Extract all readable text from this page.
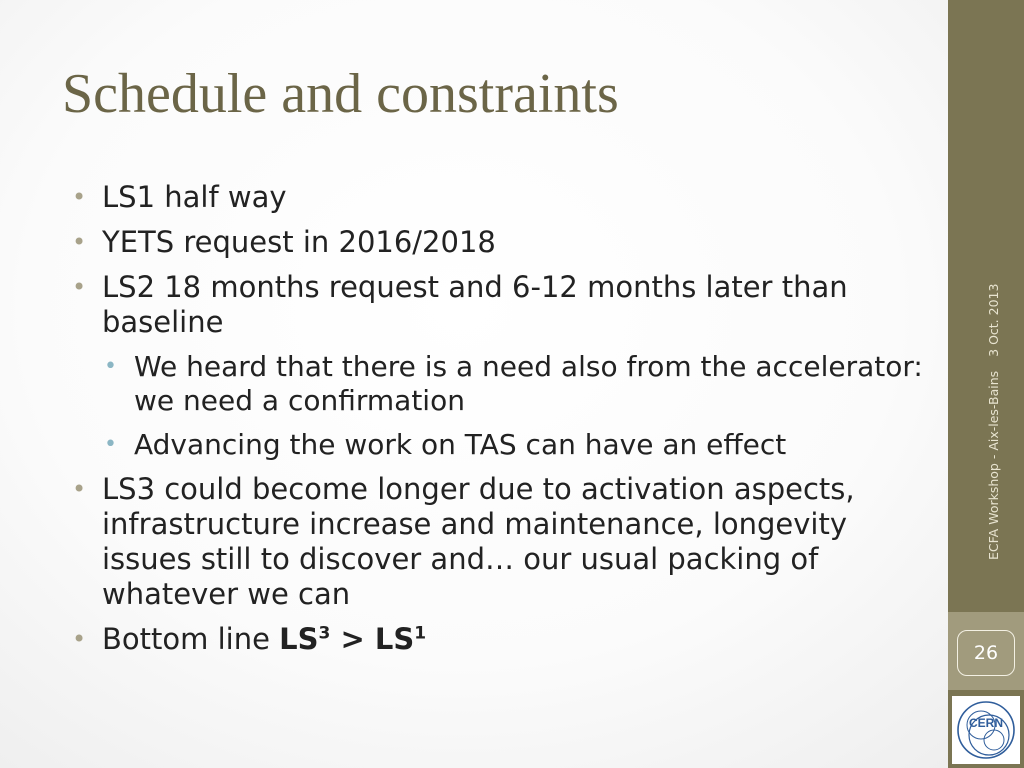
Schedule and constraints
• LS1 half way
• YETS request in 2016/2018
• LS2 18 months request and 6-12 months later than baseline
• We heard that there is a need also from the accelerator: we need a confirmation
• Advancing the work on TAS can have an effect
• LS3 could become longer due to activation aspects, infrastructure increase and maintenance, longevity issues still to discover and… our usual packing of whatever we can
• Bottom line $LS^3 > LS^1$
ECFA Workshop - Aix-les-Bains3 Oct. 2013
26
CERN
